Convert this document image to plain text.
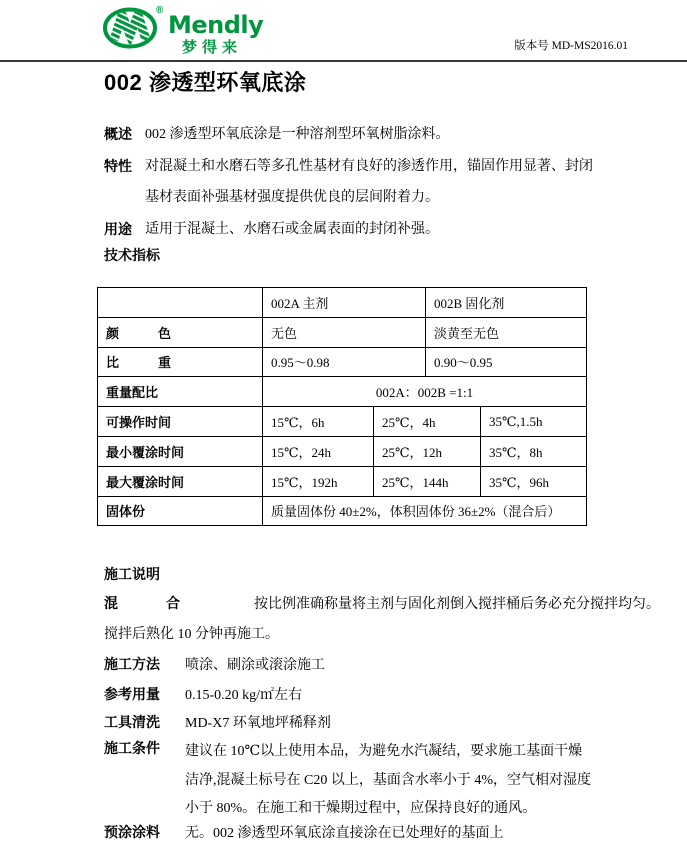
®
Mendly
梦得来	版本号 MD-MS2016.01
002 渗透型环氧底涂
概述 002 渗透型环氧底涂是一种溶剂型环氧树脂涂料。
特性 对混凝土和水磨石等多孔性基材有良好的渗透作用，锚固作用显著、封闭基材表面补强基材强度提供优良的层间附着力。
用途 适用于混凝土、水磨石或金属表面的封闭补强。
技术指标
	002A 主剂		002B 固化剂	
颜　　　色	无色		淡黄至无色	
比　　　重	0.95～0.98		0.90～0.95	
重量配比	002A：002B =1:1			
可操作时间	15℃，6h	25℃，4h		35℃,1.5h
最小覆涂时间	15℃，24h	25℃，12h		35℃，8h
最大覆涂时间	15℃，192h	25℃，144h		35℃，96h
固体份	质量固体份 40±2%，体积固体份 36±2%（混合后）			
施工说明

混　合	按比例准确称量将主剂与固化剂倒入搅拌桶后务必充分搅拌均匀。

搅拌后熟化 10 分钟再施工。

施工方法	喷涂、刷涂或滚涂施工
参考用量	0.15-0.20 kg/㎡左右
工具清洗	MD-X7 环氧地坪稀释剂
施工条件	建议在 10℃以上使用本品，为避免水汽凝结，要求施工基面干燥洁净,混凝土标号在 C20 以上，基面含水率小于 4%，空气相对湿度小于 80%。在施工和干燥期过程中，应保持良好的通风。
预涂涂料	无。002 渗透型环氧底涂直接涂在已处理好的基面上
